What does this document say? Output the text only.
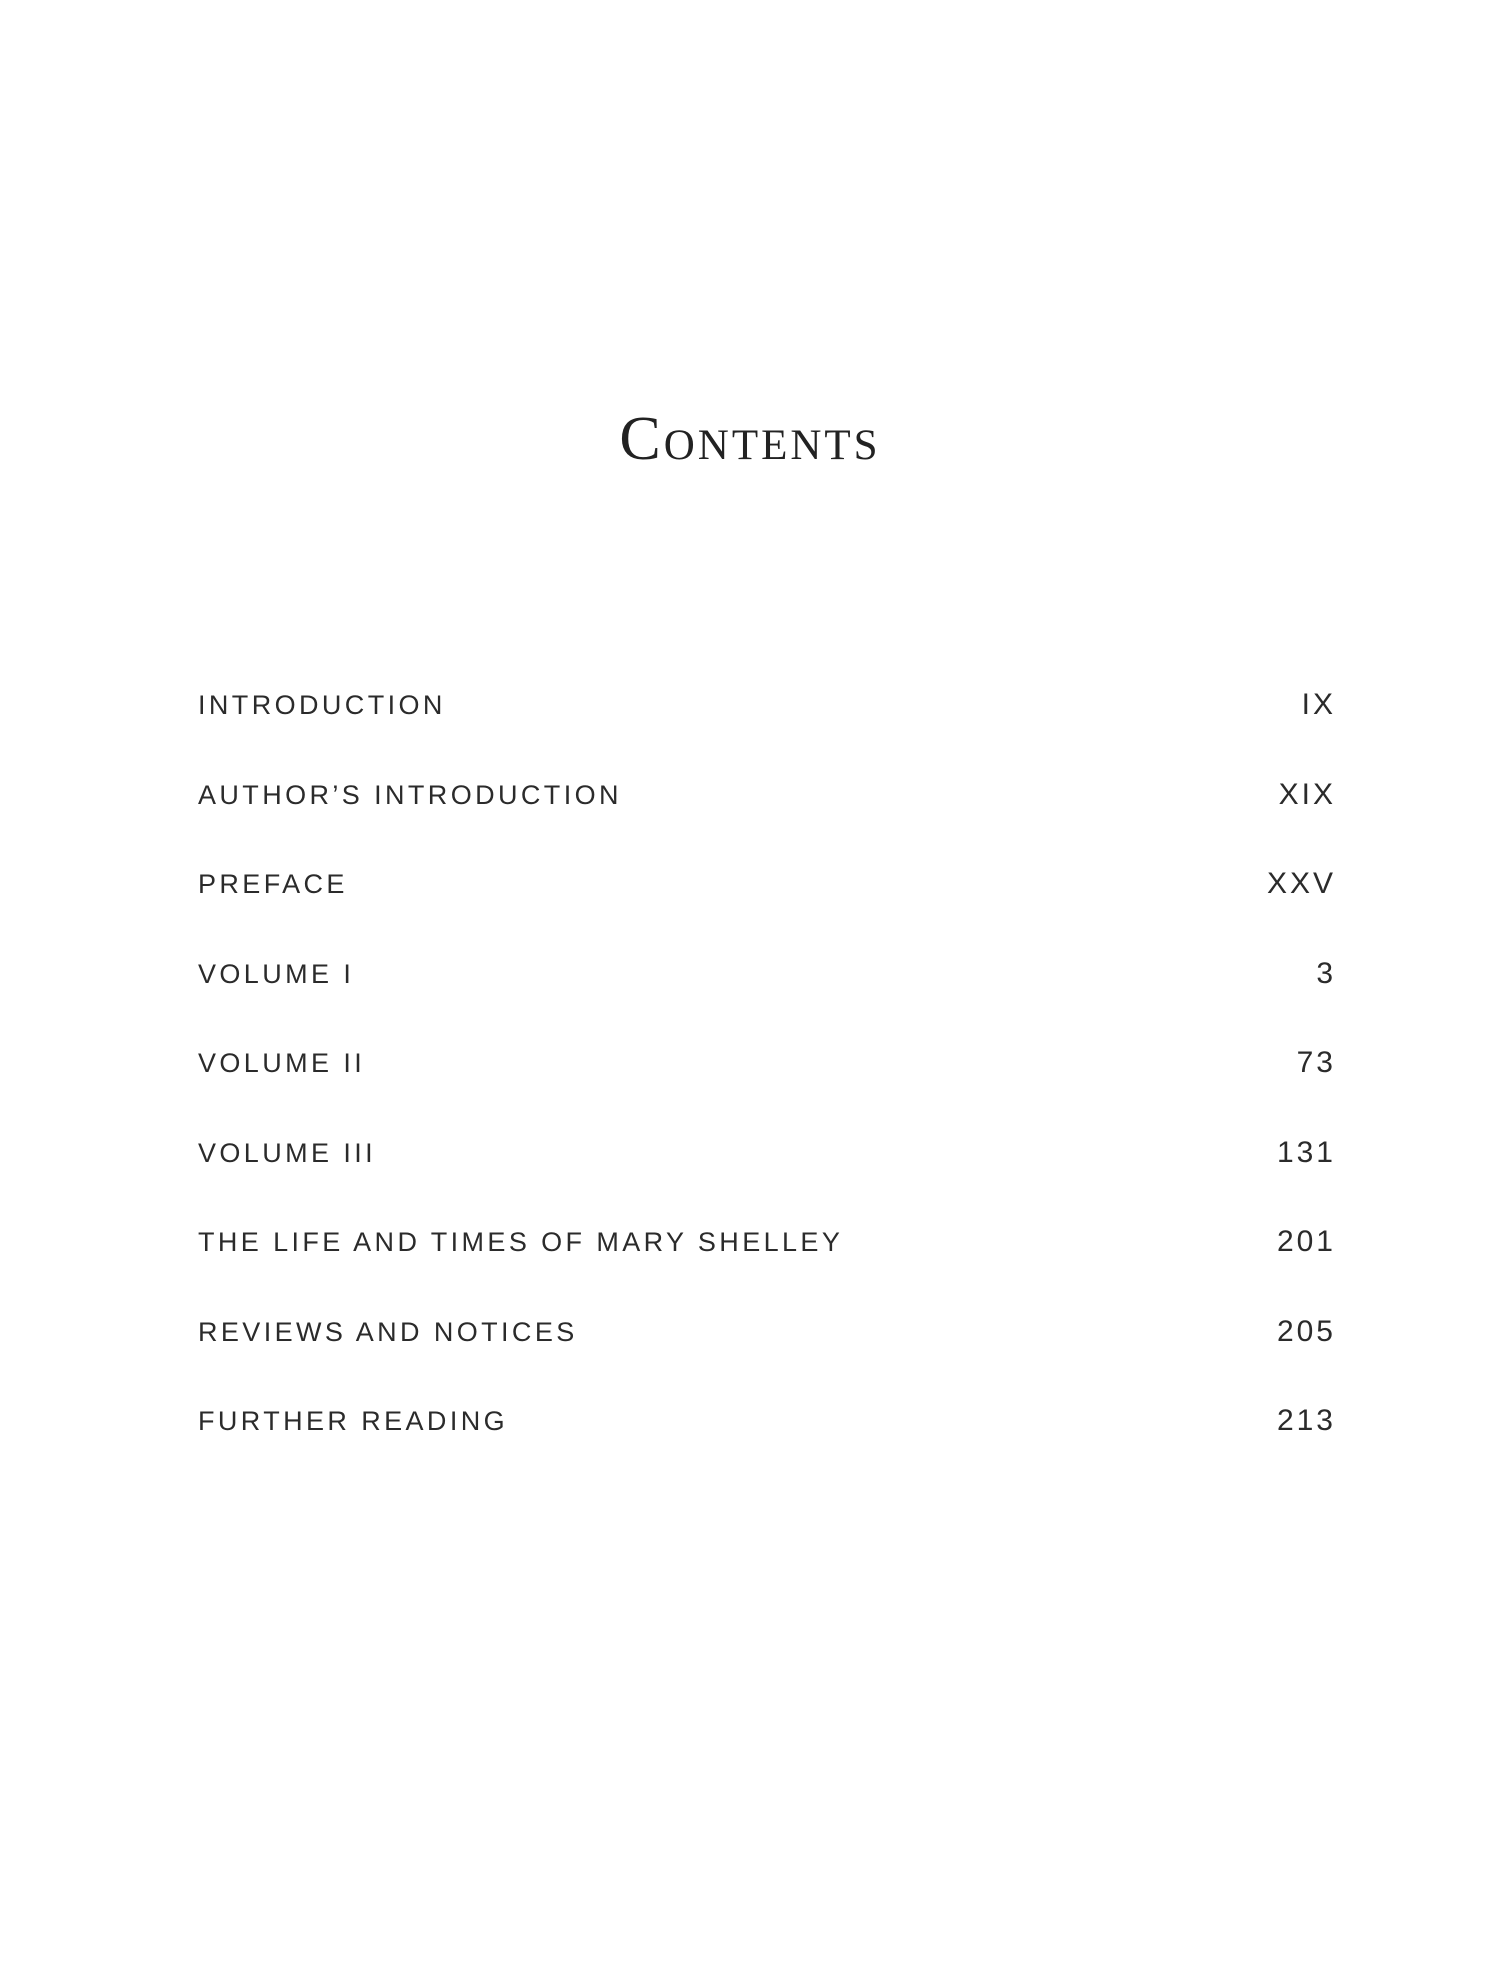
Contents
INTRODUCTION	IX
AUTHOR’S INTRODUCTION	XIX
PREFACE	XXV
VOLUME I	3
VOLUME II	73
VOLUME III	131
THE LIFE AND TIMES OF MARY SHELLEY	201
REVIEWS AND NOTICES	205
FURTHER READING	213
